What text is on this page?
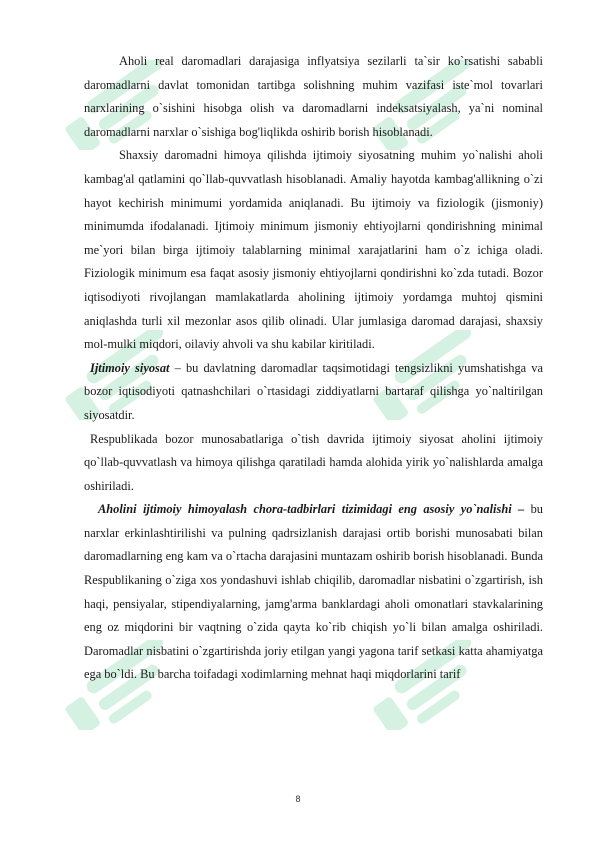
Aholi real daromadlari darajasiga inflyatsiya sezilarli ta`sir ko`rsatishi sababli daromadlarni davlat tomonidan tartibga solishning muhim vazifasi iste`mol tovarlari narxlarining o`sishini hisobga olish va daromadlarni indeksatsiyalash, ya`ni nominal daromadlarni narxlar o`sishiga bog'liqlikda oshirib borish hisoblanadi.

Shaxsiy daromadni himoya qilishda ijtimoiy siyosatning muhim yo`nalishi aholi kambag'al qatlamini qo`llab-quvvatlash hisoblanadi. Amaliy hayotda kambag'allikning o`zi hayot kechirish minimumi yordamida aniqlanadi. Bu ijtimoiy va fiziologik (jismoniy) minimumda ifodalanadi. Ijtimoiy minimum jismoniy ehtiyojlarni qondirishning minimal me`yori bilan birga ijtimoiy talablarning minimal xarajatlarini ham o`z ichiga oladi. Fiziologik minimum esa faqat asosiy jismoniy ehtiyojlarni qondirishni ko`zda tutadi. Bozor iqtisodiyoti rivojlangan mamlakatlarda aholining ijtimoiy yordamga muhtoj qismini aniqlashda turli xil mezonlar asos qilib olinadi. Ular jumlasiga daromad darajasi, shaxsiy mol-mulki miqdori, oilaviy ahvoli va shu kabilar kiritiladi.

Ijtimoiy siyosat – bu davlatning daromadlar taqsimotidagi tengsizlikni yumshatishga va bozor iqtisodiyoti qatnashchilari o`rtasidagi ziddiyatlarni bartaraf qilishga yo`naltirilgan siyosatdir.

Respublikada bozor munosabatlariga o`tish davrida ijtimoiy siyosat aholini ijtimoiy qo`llab-quvvatlash va himoya qilishga qaratiladi hamda alohida yirik yo`nalishlarda amalga oshiriladi.

Aholini ijtimoiy himoyalash chora-tadbirlari tizimidagi eng asosiy yo`nalishi – bu narxlar erkinlashtirilishi va pulning qadrsizlanish darajasi ortib borishi munosabati bilan daromadlarning eng kam va o`rtacha darajasini muntazam oshirib borish hisoblanadi. Bunda Respublikaning o`ziga xos yondashuvi ishlab chiqilib, daromadlar nisbatini o`zgartirish, ish haqi, pensiyalar, stipendiyalarning, jamg'arma banklardagi aholi omonatlari stavkalarining eng oz miqdorini bir vaqtning o`zida qayta ko`rib chiqish yo`li bilan amalga oshiriladi. Daromadlar nisbatini o`zgartirishda joriy etilgan yangi yagona tarif setkasi katta ahamiyatga ega bo`ldi. Bu barcha toifadagi xodimlarning mehnat haqi miqdorlarini tarif

8
